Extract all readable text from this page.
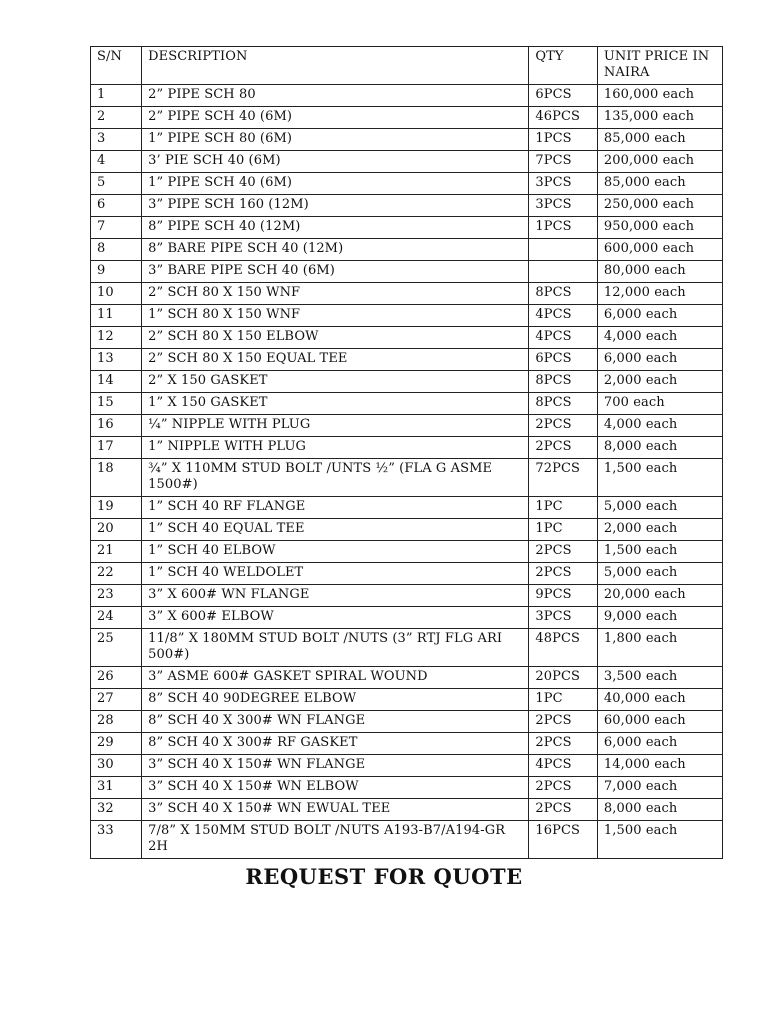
S/N	DESCRIPTION	QTY	UNIT PRICE IN NAIRA
1	2” PIPE SCH 80	6PCS	160,000 each
2	2” PIPE SCH 40 (6M)	46PCS	135,000 each
3	1” PIPE SCH 80 (6M)	1PCS	85,000 each
4	3’ PIE SCH 40 (6M)	7PCS	200,000 each
5	1” PIPE SCH 40 (6M)	3PCS	85,000 each
6	3” PIPE SCH 160 (12M)	3PCS	250,000 each
7	8” PIPE SCH 40 (12M)	1PCS	950,000 each
8	8” BARE PIPE SCH 40 (12M)		600,000 each
9	3” BARE PIPE SCH 40 (6M)		80,000 each
10	2” SCH 80 X 150 WNF	8PCS	12,000 each
11	1” SCH 80 X 150 WNF	4PCS	6,000 each
12	2” SCH 80 X 150 ELBOW	4PCS	4,000 each
13	2” SCH 80 X 150 EQUAL TEE	6PCS	6,000 each
14	2” X 150 GASKET	8PCS	2,000 each
15	1” X 150 GASKET	8PCS	700 each
16	¼” NIPPLE WITH PLUG	2PCS	4,000 each
17	1” NIPPLE WITH PLUG	2PCS	8,000 each
18	¾” X 110MM STUD BOLT /UNTS ½” (FLA G ASME 1500#)	72PCS	1,500 each
19	1” SCH 40 RF FLANGE	1PC	5,000 each
20	1” SCH 40 EQUAL TEE	1PC	2,000 each
21	1” SCH 40 ELBOW	2PCS	1,500 each
22	1” SCH 40 WELDOLET	2PCS	5,000 each
23	3” X 600# WN FLANGE	9PCS	20,000 each
24	3” X 600# ELBOW	3PCS	9,000 each
25	11/8” X 180MM STUD BOLT /NUTS (3” RTJ FLG ARI 500#)	48PCS	1,800 each
26	3” ASME 600# GASKET SPIRAL WOUND	20PCS	3,500 each
27	8” SCH 40 90DEGREE ELBOW	1PC	40,000 each
28	8” SCH 40 X 300# WN FLANGE	2PCS	60,000 each
29	8” SCH 40 X 300# RF GASKET	2PCS	6,000 each
30	3” SCH 40 X 150# WN FLANGE	4PCS	14,000 each
31	3” SCH 40 X 150# WN ELBOW	2PCS	7,000 each
32	3” SCH 40 X 150# WN EWUAL TEE	2PCS	8,000 each
33	7/8” X 150MM STUD BOLT /NUTS A193-B7/A194-GR 2H	16PCS	1,500 each
REQUEST FOR QUOTE
